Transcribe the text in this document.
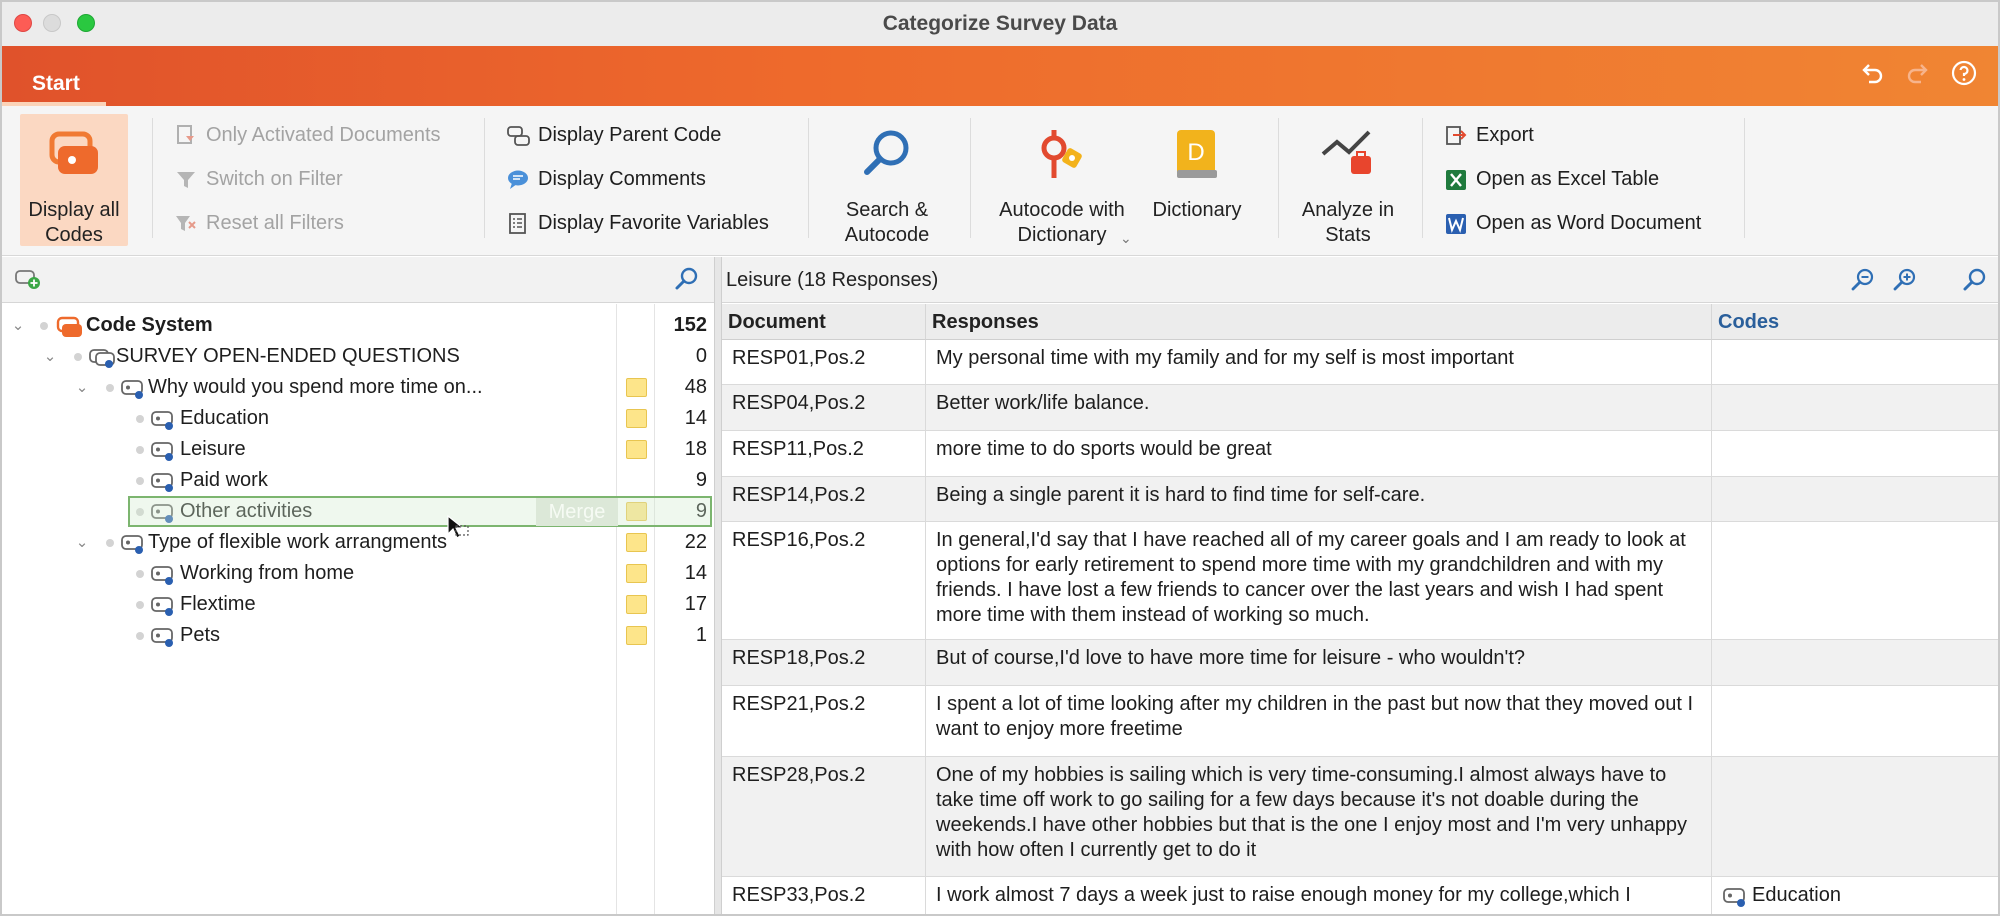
Categorize Survey Data
Start
Display all Codes
Only Activated Documents
Switch on Filter
Reset all Filters
Display Parent Code
Display Comments
Display Favorite Variables
Search &
Autocode
Autocode with
Dictionary ⌄
D
Dictionary	Analyze in
Stats
Export
Open as Excel Table
Open as Word Document
⌄	Code System	152
⌄	SURVEY OPEN-ENDED QUESTIONS	0
⌄	Why would you spend more time on...	48
Education	14
Leisure	18
Paid work	9
Other activities	9
⌄	Type of flexible work arrangments	22
Working from home	14
Flextime	17
Pets	1
Merge
Leisure (18 Responses)
Document	Responses	Codes
RESP01,Pos.2	My personal time with my family and for my self is most important
RESP04,Pos.2	Better work/life balance.
RESP11,Pos.2	more time to do sports would be great
RESP14,Pos.2	Being a single parent it is hard to find time for self-care.
RESP16,Pos.2	In general,I'd say that I have reached all of my career goals and I am ready to look at options for early retirement to spend more time with my grandchildren and with my friends. I have lost a few friends to cancer over the last years and wish I had spent more time with them instead of working so much.
RESP18,Pos.2	But of course,I'd love to have more time for leisure - who wouldn't?
RESP21,Pos.2	I spent a lot of time looking after my children in the past but now that they moved out I want to enjoy more freetime
RESP28,Pos.2	One of my hobbies is sailing which is very time-consuming.I almost always have to take time off work to go sailing for a few days because it's not doable during the weekends.I have other hobbies but that is the one I enjoy most and I'm very unhappy with how often I currently get to do it
RESP33,Pos.2	I work almost 7 days a week just to raise enough money for my college,which I	Education
